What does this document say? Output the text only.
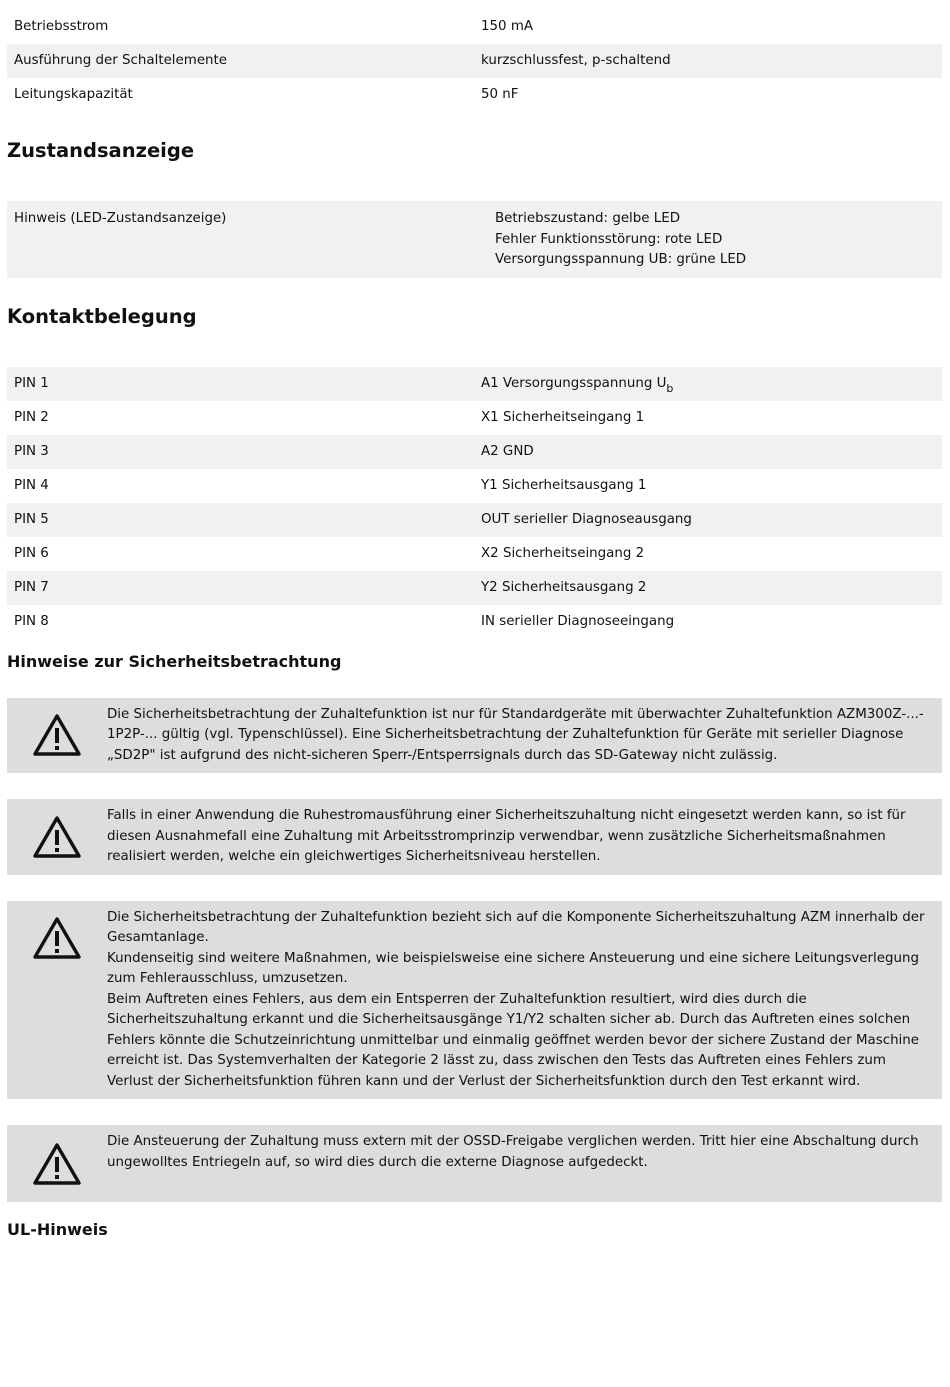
Betriebsstrom	150 mA
Ausführung der Schaltelemente	kurzschlussfest, p-schaltend
Leitungskapazität	50 nF
Zustandsanzeige
Hinweis (LED-Zustandsanzeige)	Betriebszustand: gelbe LED
Fehler Funktionsstörung: rote LED
Versorgungsspannung UB: grüne LED
Kontaktbelegung
PIN 1	A1 Versorgungsspannung $U_b$
PIN 2	X1 Sicherheitseingang 1
PIN 3	A2 GND
PIN 4	Y1 Sicherheitsausgang 1
PIN 5	OUT serieller Diagnoseausgang
PIN 6	X2 Sicherheitseingang 2
PIN 7	Y2 Sicherheitsausgang 2
PIN 8	IN serieller Diagnoseeingang
Hinweise zur Sicherheitsbetrachtung
Die Sicherheitsbetrachtung der Zuhaltefunktion ist nur für Standardgeräte mit überwachter Zuhaltefunktion AZM300Z-...-
1P2P-... gültig (vgl. Typenschlüssel). Eine Sicherheitsbetrachtung der Zuhaltefunktion für Geräte mit serieller Diagnose
„SD2P" ist aufgrund des nicht-sicheren Sperr-/Entsperrsignals durch das SD-Gateway nicht zulässig.
Falls in einer Anwendung die Ruhestromausführung einer Sicherheitszuhaltung nicht eingesetzt werden kann, so ist für
diesen Ausnahmefall eine Zuhaltung mit Arbeitsstromprinzip verwendbar, wenn zusätzliche Sicherheitsmaßnahmen
realisiert werden, welche ein gleichwertiges Sicherheitsniveau herstellen.
Die Sicherheitsbetrachtung der Zuhaltefunktion bezieht sich auf die Komponente Sicherheitszuhaltung AZM innerhalb der
Gesamtanlage.
Kundenseitig sind weitere Maßnahmen, wie beispielsweise eine sichere Ansteuerung und eine sichere Leitungsverlegung
zum Fehlerausschluss, umzusetzen.
Beim Auftreten eines Fehlers, aus dem ein Entsperren der Zuhaltefunktion resultiert, wird dies durch die
Sicherheitszuhaltung erkannt und die Sicherheitsausgänge Y1/Y2 schalten sicher ab. Durch das Auftreten eines solchen
Fehlers könnte die Schutzeinrichtung unmittelbar und einmalig geöffnet werden bevor der sichere Zustand der Maschine
erreicht ist. Das Systemverhalten der Kategorie 2 lässt zu, dass zwischen den Tests das Auftreten eines Fehlers zum
Verlust der Sicherheitsfunktion führen kann und der Verlust der Sicherheitsfunktion durch den Test erkannt wird.
Die Ansteuerung der Zuhaltung muss extern mit der OSSD-Freigabe verglichen werden. Tritt hier eine Abschaltung durch
ungewolltes Entriegeln auf, so wird dies durch die externe Diagnose aufgedeckt.
UL-Hinweis
